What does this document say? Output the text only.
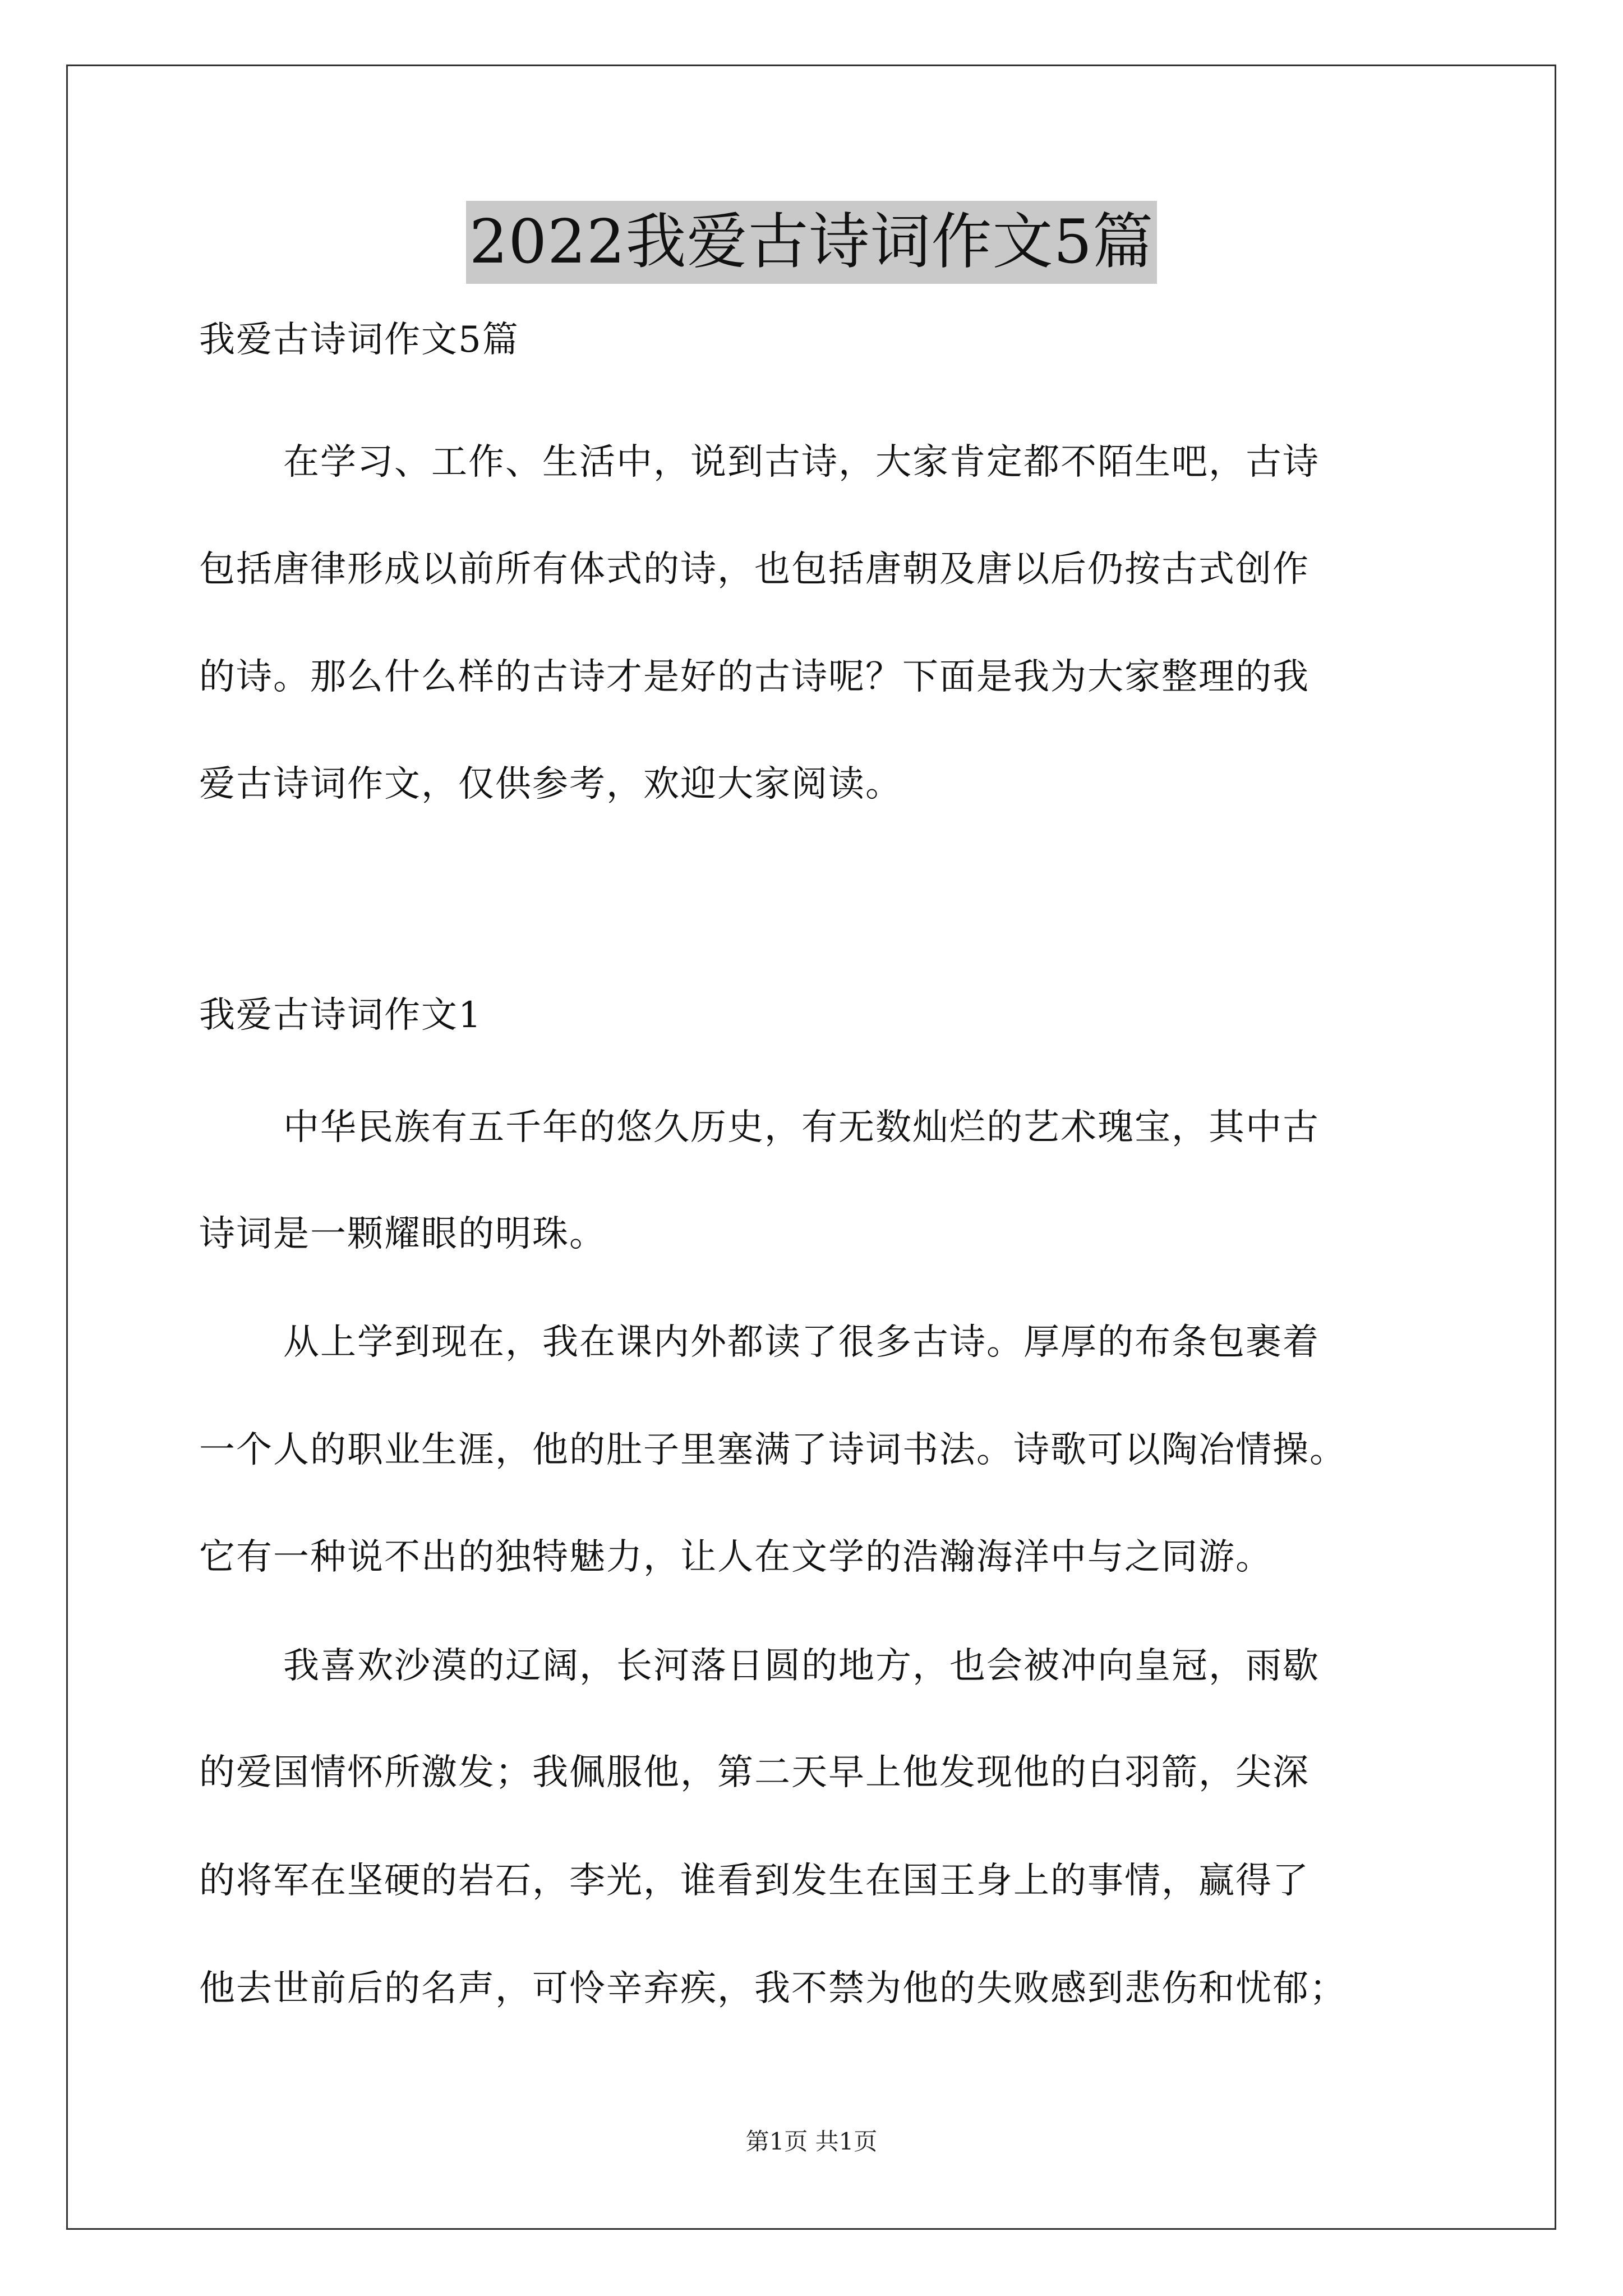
2022我爱古诗词作文5篇
我爱古诗词作文5篇
在学习、工作、生活中，说到古诗，大家肯定都不陌生吧，古诗
包括唐律形成以前所有体式的诗，也包括唐朝及唐以后仍按古式创作
的诗。那么什么样的古诗才是好的古诗呢？下面是我为大家整理的我
爱古诗词作文，仅供参考，欢迎大家阅读。
我爱古诗词作文1
中华民族有五千年的悠久历史，有无数灿烂的艺术瑰宝，其中古
诗词是一颗耀眼的明珠。
从上学到现在，我在课内外都读了很多古诗。厚厚的布条包裹着
一个人的职业生涯，他的肚子里塞满了诗词书法。诗歌可以陶冶情操。
它有一种说不出的独特魅力，让人在文学的浩瀚海洋中与之同游。
我喜欢沙漠的辽阔，长河落日圆的地方，也会被冲向皇冠，雨歇
的爱国情怀所激发；我佩服他，第二天早上他发现他的白羽箭，尖深
的将军在坚硬的岩石，李光，谁看到发生在国王身上的事情，赢得了
他去世前后的名声，可怜辛弃疾，我不禁为他的失败感到悲伤和忧郁；
第1页 共1页
